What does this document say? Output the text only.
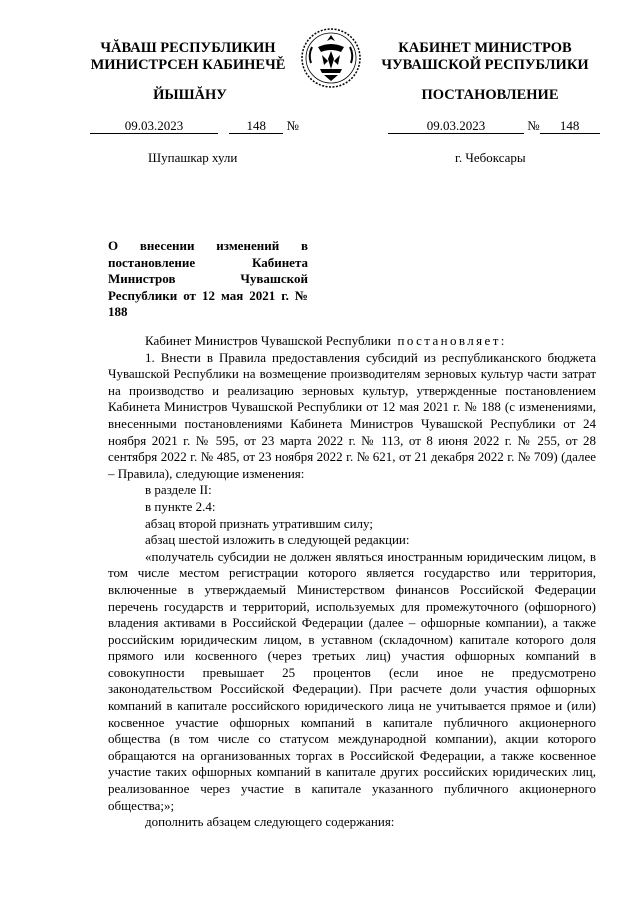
ЧĂВАШ РЕСПУБЛИКИН
МИНИСТРСЕН КАБИНЕЧĚ
ЙЫШĂНУ
КАБИНЕТ МИНИСТРОВ
ЧУВАШСКОЙ РЕСПУБЛИКИ
ПОСТАНОВЛЕНИЕ
09.03.2023	148 №	09.03.2023	№ 148
Шупашкар хули	г. Чебоксары
О внесении изменений в постановление Кабинета Министров Чувашской Республики от 12 мая 2021 г. № 188

Кабинет Министров Чувашской Республики постановляет:

1. Внести в Правила предоставления субсидий из республиканского бюджета Чувашской Республики на возмещение производителям зерновых культур части затрат на производство и реализацию зерновых культур, утвержденные постановлением Кабинета Министров Чувашской Республики от 12 мая 2021 г. № 188 (с изменениями, внесенными постановлениями Кабинета Министров Чувашской Республики от 24 ноября 2021 г. № 595, от 23 марта 2022 г. № 113, от 8 июня 2022 г. № 255, от 28 сентября 2022 г. № 485, от 23 ноября 2022 г. № 621, от 21 декабря 2022 г. № 709) (далее – Правила), следующие изменения:

в разделе II:

в пункте 2.4:

абзац второй признать утратившим силу;

абзац шестой изложить в следующей редакции:

«получатель субсидии не должен являться иностранным юридическим лицом, в том числе местом регистрации которого является государство или территория, включенные в утверждаемый Министерством финансов Российской Федерации перечень государств и территорий, используемых для промежуточного (офшорного) владения активами в Российской Федерации (далее – офшорные компании), а также российским юридическим лицом, в уставном (складочном) капитале которого доля прямого или косвенного (через третьих лиц) участия офшорных компаний в совокупности превышает 25 процентов (если иное не предусмотрено законодательством Российской Федерации). При расчете доли участия офшорных компаний в капитале российского юридического лица не учитывается прямое и (или) косвенное участие офшорных компаний в капитале публичного акционерного общества (в том числе со статусом международной компании), акции которого обращаются на организованных торгах в Российской Федерации, а также косвенное участие таких офшорных компаний в капитале других российских юридических лиц, реализованное через участие в капитале указанного публичного акционерного общества;»;

дополнить абзацем следующего содержания:
